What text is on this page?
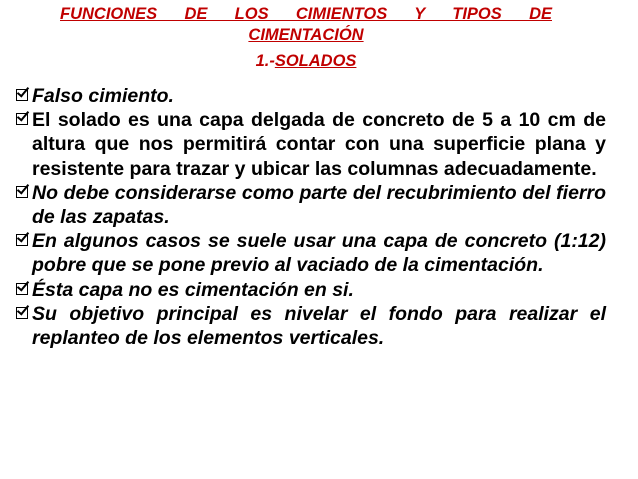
FUNCIONES DE LOS CIMIENTOS Y TIPOS DE
CIMENTACIÓN
1.-SOLADOS
Falso cimiento.
El solado es una capa delgada de concreto de 5 a 10 cm de altura que nos permitirá contar con una superficie plana y resistente para trazar y ubicar las columnas adecuadamente.
No debe considerarse como parte del recubrimiento del fierro de las zapatas.
En algunos casos se suele usar una capa de concreto (1:12) pobre que se pone previo al vaciado de la cimentación.
Ésta capa no es cimentación en si.
Su objetivo principal es nivelar el fondo para realizar el replanteo de los elementos verticales.
